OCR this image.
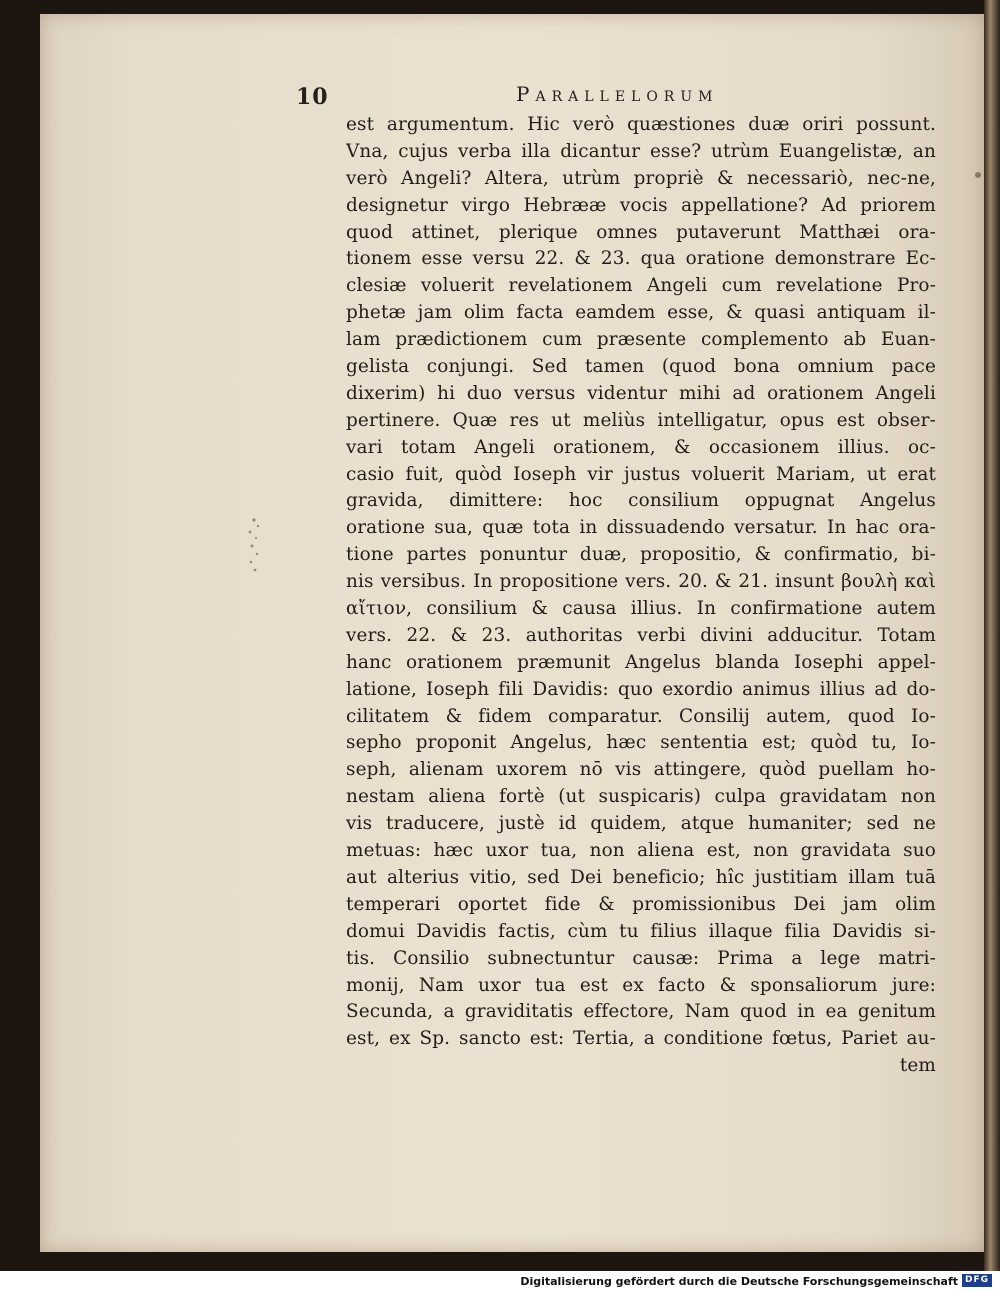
10	Parallelorum
est argumentum. Hic verò quæstiones duæ oriri possunt.
Vna, cujus verba illa dicantur esse? utrùm Euangelistæ, an
verò Angeli? Altera, utrùm propriè & necessariò, nec-ne,
designetur virgo Hebrææ vocis appellatione? Ad priorem
quod attinet, plerique omnes putaverunt Matthæi ora-
tionem esse versu 22. & 23. qua oratione demonstrare Ec-
clesiæ voluerit revelationem Angeli cum revelatione Pro-
phetæ jam olim facta eamdem esse, & quasi antiquam il-
lam prædictionem cum præsente complemento ab Euan-
gelista conjungi. Sed tamen (quod bona omnium pace
dixerim) hi duo versus videntur mihi ad orationem Angeli
pertinere. Quæ res ut meliùs intelligatur, opus est obser-
vari totam Angeli orationem, & occasionem illius. oc-
casio fuit, quòd Ioseph vir justus voluerit Mariam, ut erat
gravida, dimittere: hoc consilium oppugnat Angelus
oratione sua, quæ tota in dissuadendo versatur. In hac ora-
tione partes ponuntur duæ, propositio, & confirmatio, bi-
nis versibus. In propositione vers. 20. & 21. insunt βουλὴ καὶ
αἴτιον, consilium & causa illius. In confirmatione autem
vers. 22. & 23. authoritas verbi divini adducitur. Totam
hanc orationem præmunit Angelus blanda Iosephi appel-
latione, Ioseph fili Davidis: quo exordio animus illius ad do-
cilitatem & fidem comparatur. Consilij autem, quod Io-
sepho proponit Angelus, hæc sententia est; quòd tu, Io-
seph, alienam uxorem nō vis attingere, quòd puellam ho-
nestam aliena fortè (ut suspicaris) culpa gravidatam non
vis traducere, justè id quidem, atque humaniter; sed ne
metuas: hæc uxor tua, non aliena est, non gravidata suo
aut alterius vitio, sed Dei beneficio; hîc justitiam illam tuā
temperari oportet fide & promissionibus Dei jam olim
domui Davidis factis, cùm tu filius illaque filia Davidis si-
tis. Consilio subnectuntur causæ: Prima a lege matri-
monij, Nam uxor tua est ex facto & sponsaliorum jure:
Secunda, a graviditatis effectore, Nam quod in ea genitum
est, ex Sp. sancto est: Tertia, a conditione fœtus, Pariet au-
tem
Digitalisierung gefördert durch die Deutsche Forschungsgemeinschaft DFG
